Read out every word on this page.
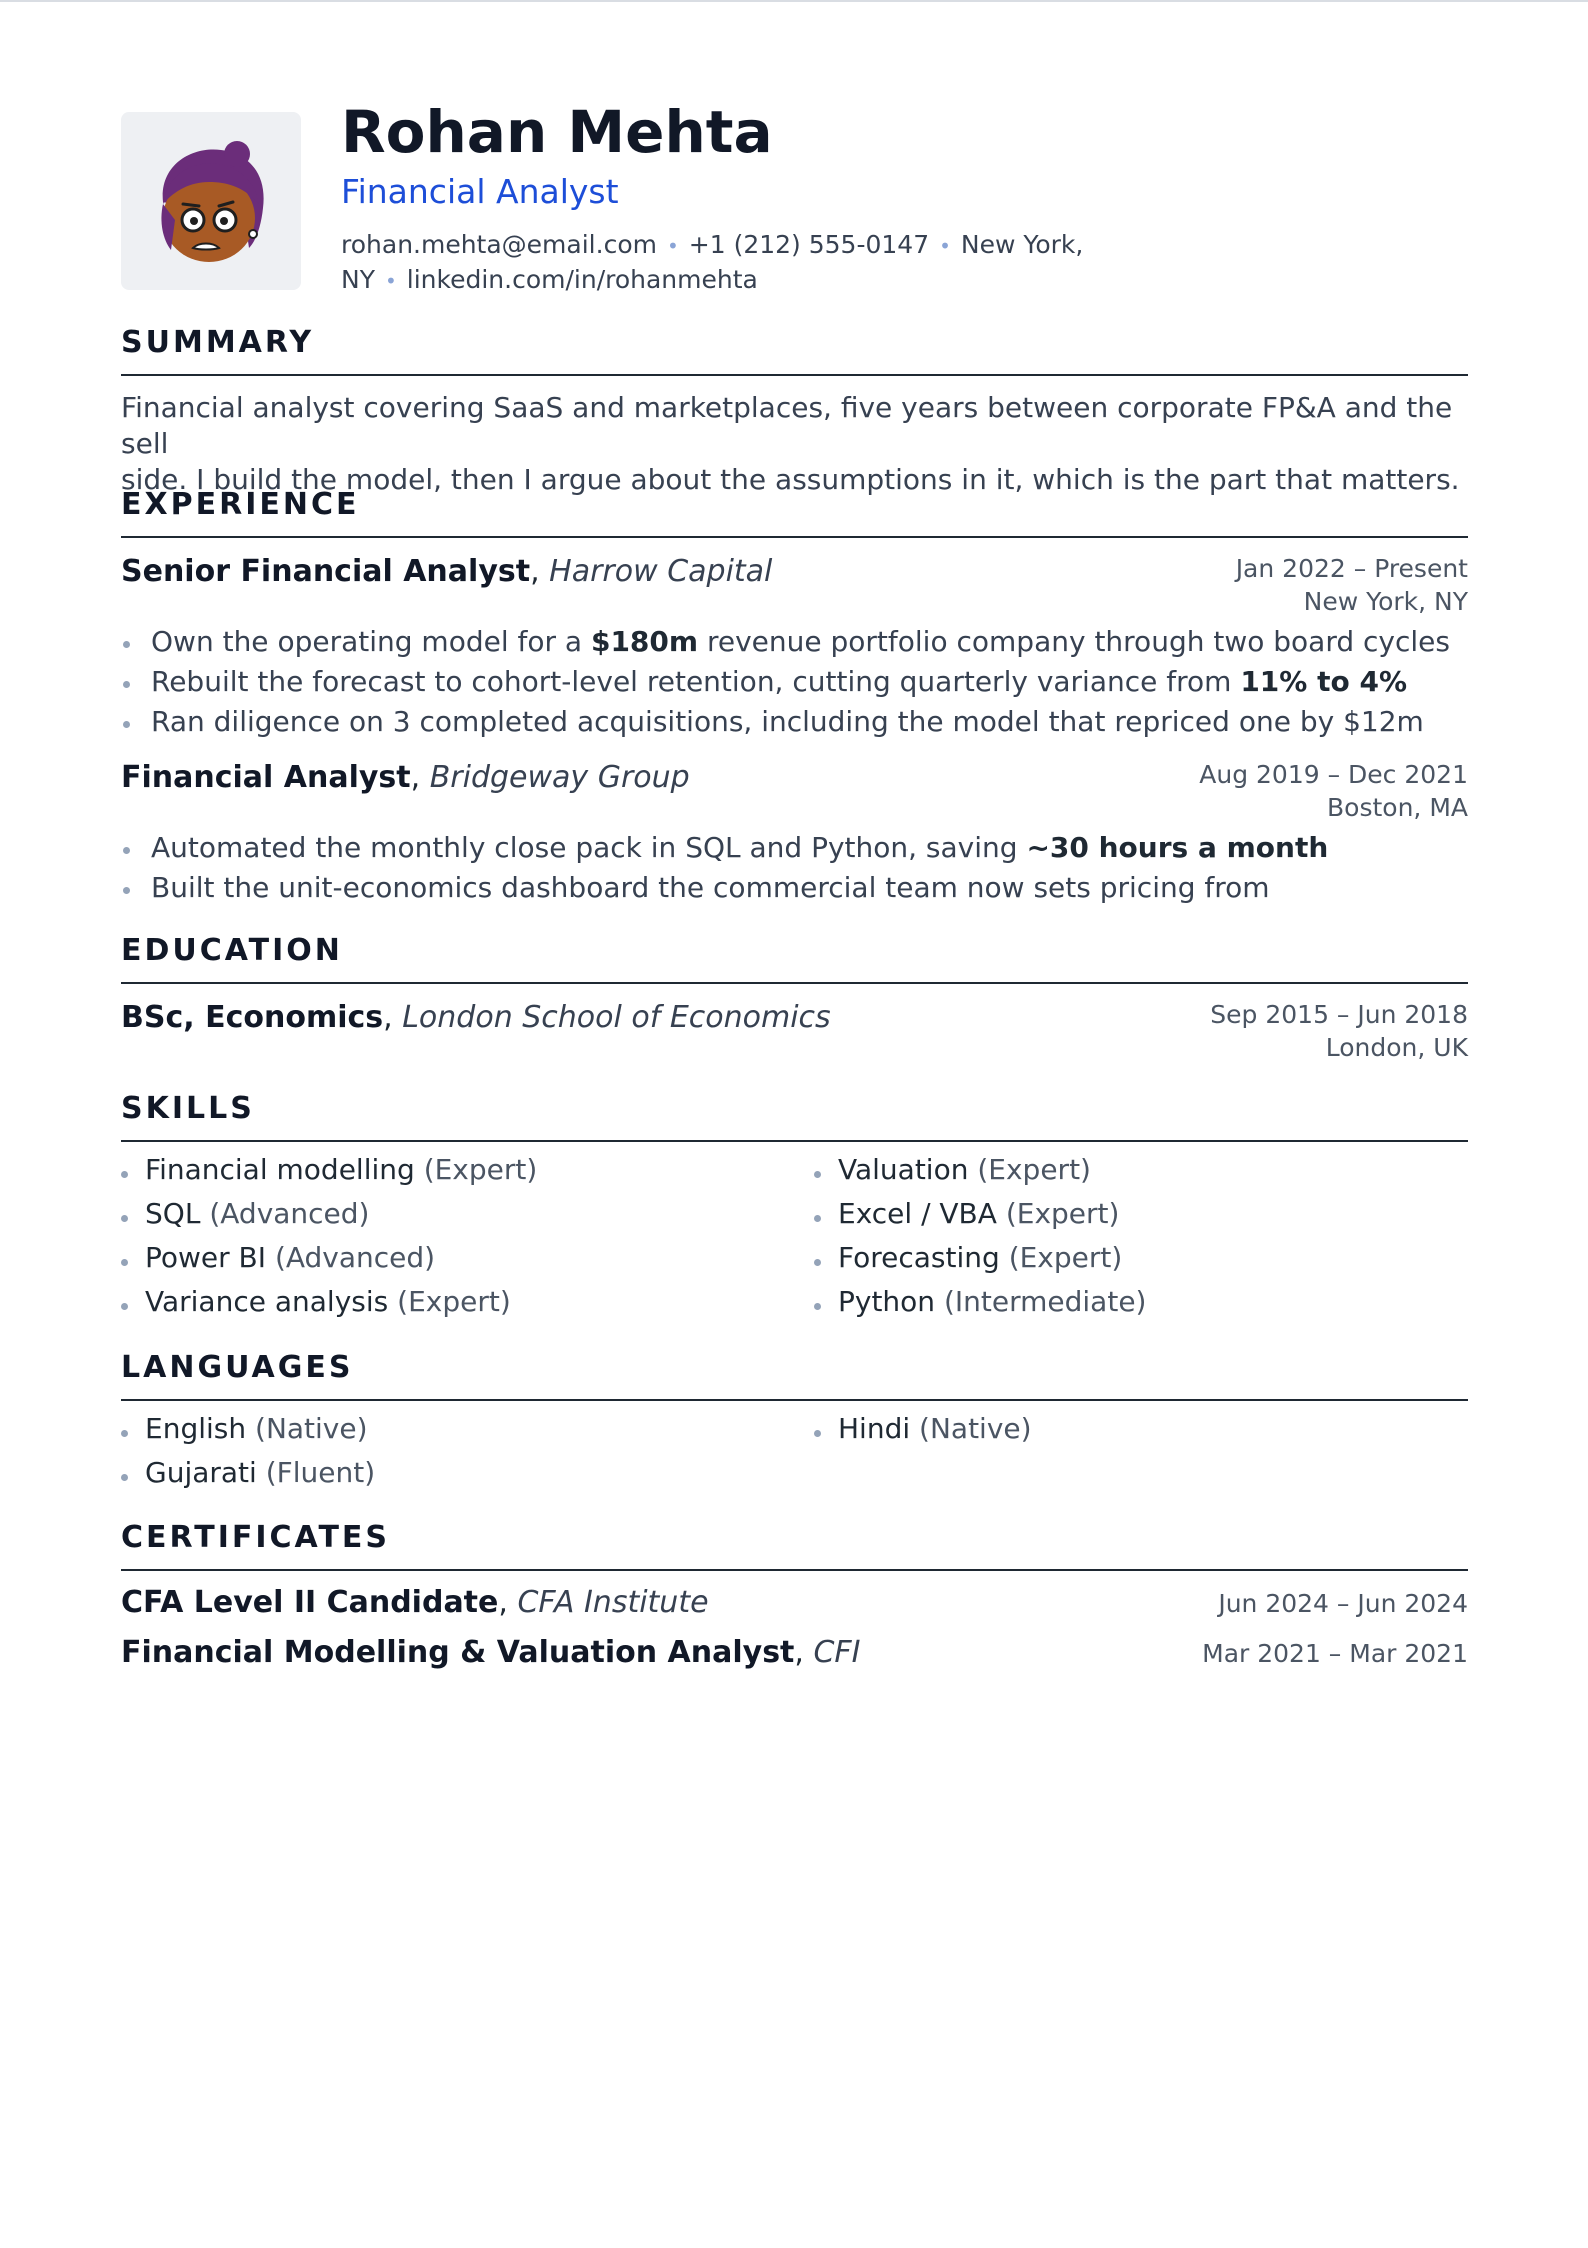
Rohan Mehta
Financial Analyst
rohan.mehta@email.com • +1 (212) 555-0147 • New York,
NY • linkedin.com/in/rohanmehta
SUMMARY
Financial analyst covering SaaS and marketplaces, five years between corporate FP&A and the sell
side. I build the model, then I argue about the assumptions in it, which is the part that matters.
EXPERIENCE
Senior Financial Analyst, Harrow Capital	Jan 2022 – Present
New York, NY
Own the operating model for a $180m revenue portfolio company through two board cycles
Rebuilt the forecast to cohort-level retention, cutting quarterly variance from 11% to 4%
Ran diligence on 3 completed acquisitions, including the model that repriced one by $12m
Financial Analyst, Bridgeway Group	Aug 2019 – Dec 2021
Boston, MA
Automated the monthly close pack in SQL and Python, saving ~30 hours a month
Built the unit-economics dashboard the commercial team now sets pricing from
EDUCATION
BSc, Economics, London School of Economics	Sep 2015 – Jun 2018
London, UK
SKILLS
Financial modelling (Expert)
SQL (Advanced)
Power BI (Advanced)
Variance analysis (Expert)
Valuation (Expert)
Excel / VBA (Expert)
Forecasting (Expert)
Python (Intermediate)
LANGUAGES
English (Native)
Gujarati (Fluent)
Hindi (Native)
CERTIFICATES
CFA Level II Candidate, CFA Institute	Jun 2024 – Jun 2024
Financial Modelling & Valuation Analyst, CFI	Mar 2021 – Mar 2021
